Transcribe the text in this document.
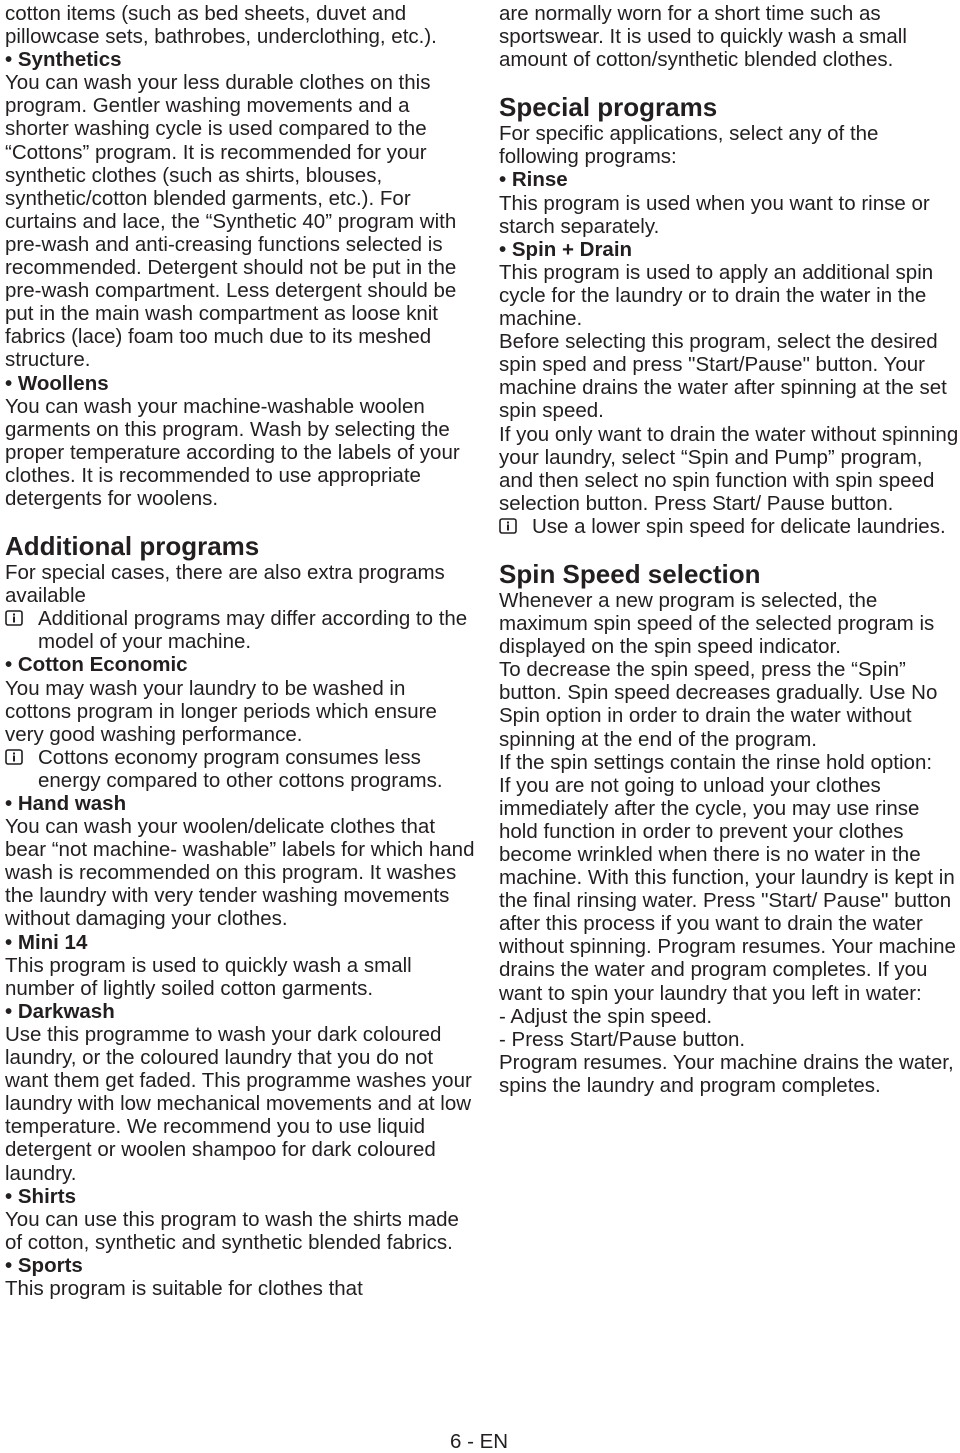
cotton items (such as bed sheets, duvet and pillowcase sets, bathrobes, underclothing, etc.).

• Synthetics

You can wash your less durable clothes on this program. Gentler washing movements and a shorter washing cycle is used compared to the “Cottons” program. It is recommended for your synthetic clothes (such as shirts, blouses, synthetic/cotton blended garments, etc.). For curtains and lace, the “Synthetic 40” program with pre-wash and anti-creasing functions selected is recommended. Detergent should not be put in the pre-wash compartment. Less detergent should be put in the main wash compartment as loose knit fabrics (lace) foam too much due to its meshed structure.

• Woollens

You can wash your machine-washable woolen garments on this program. Wash by selecting the proper temperature according to the labels of your clothes. It is recommended to use appropriate detergents for woolens.

Additional programs

For special cases, there are also extra programs available

Additional programs may differ according to the model of your machine.

• Cotton Economic

You may wash your laundry to be washed in cottons program in longer periods which ensure very good washing performance.

Cottons economy program consumes less energy compared to other cottons programs.

• Hand wash

You can wash your woolen/delicate clothes that bear “not machine- washable” labels for which hand wash is recommended on this program. It washes the laundry with very tender washing movements without damaging your clothes.

• Mini 14

This program is used to quickly wash a small number of lightly soiled cotton garments.

• Darkwash

Use this programme to wash your dark coloured laundry, or the coloured laundry that you do not want them get faded. This programme washes your laundry with low mechanical movements and at low temperature. We recommend you to use liquid detergent or woolen shampoo for dark coloured laundry.

• Shirts

You can use this program to wash the shirts made of cotton, synthetic and synthetic blended fabrics.

• Sports

This program is suitable for clothes that

are normally worn for a short time such as sportswear. It is used to quickly wash a small amount of cotton/synthetic blended clothes.

Special programs

For specific applications, select any of the following programs:

• Rinse

This program is used when you want to rinse or starch separately.

• Spin + Drain

This program is used to apply an additional spin cycle for the laundry or to drain the water in the machine.

Before selecting this program, select the desired spin sped and press "Start/Pause" button. Your machine drains the water after spinning at the set spin speed.

If you only want to drain the water without spinning your laundry, select “Spin and Pump” program, and then select no spin function with spin speed selection button. Press Start/ Pause button.

Use a lower spin speed for delicate laundries.

Spin Speed selection

Whenever a new program is selected, the maximum spin speed of the selected program is displayed on the spin speed indicator.

To decrease the spin speed, press the “Spin” button. Spin speed decreases gradually. Use No Spin option in order to drain the water without spinning at the end of the program.

If the spin settings contain the rinse hold option:

If you are not going to unload your clothes immediately after the cycle, you may use rinse hold function in order to prevent your clothes become wrinkled when there is no water in the machine. With this function, your laundry is kept in the final rinsing water. Press "Start/ Pause" button after this process if you want to drain the water without spinning. Program resumes. Your machine drains the water and program completes. If you want to spin your laundry that you left in water:

- Adjust the spin speed.

- Press Start/Pause button.

Program resumes. Your machine drains the water, spins the laundry and program completes.

6 - EN
